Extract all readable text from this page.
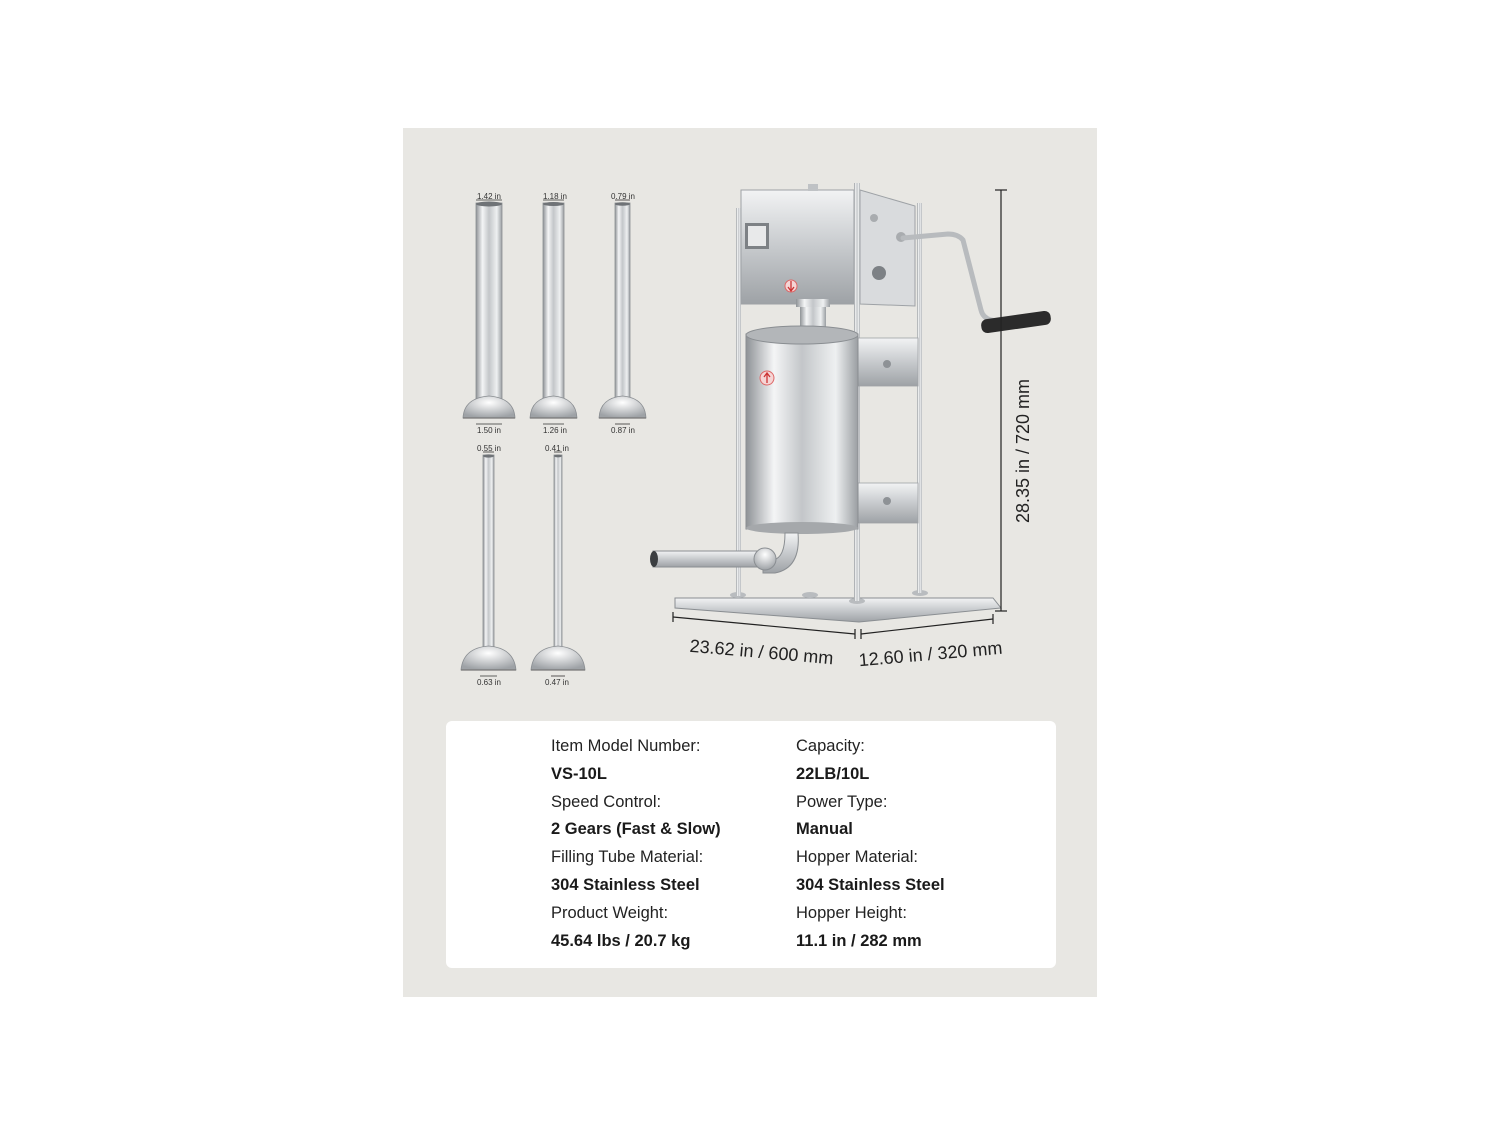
1.42 in
1.50 in
1.18 in
1.26 in
0.79 in
0.87 in
0.55 in
0.63 in
0.41 in
0.47 in
28.35 in / 720 mm
23.62 in / 600 mm 12.60 in / 320 mm
Item Model Number:
VS-10L
Speed Control:
2 Gears (Fast & Slow)
Filling Tube Material:
304 Stainless Steel
Product Weight:
45.64 lbs / 20.7 kg
Capacity:
22LB/10L
Power Type:
Manual
Hopper Material:
304 Stainless Steel
Hopper Height:
11.1 in / 282 mm
